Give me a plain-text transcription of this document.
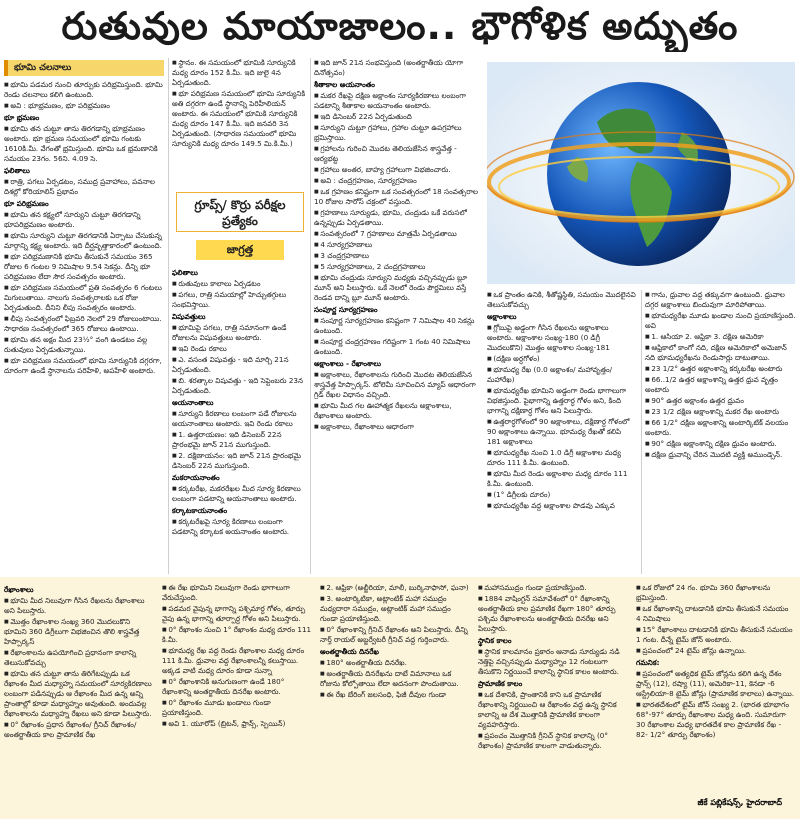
రుతువుల మాయాజాలం.. భౌగోళిక అద్భుతం
భూమి చలనాలు

■ భూమి పడమర నుంచి తూర్పుకు పరిభ్రమిస్తుంది. భూమి రెండు చలనాలు కలిగి ఉంటుంది.

■ అవి : భూభ్రమణం, భూ పరిభ్రమణం

భూ భ్రమణం

■ భూమి తన చుట్టూ తాను తిరగడాన్ని భూభ్రమణం అంటారు. భూ భ్రమణ సమయంలో భూమి గంటకు 1610కి.మీ. వేగంతో భ్రమిస్తుంది. భూమి ఒక భ్రమణానికి సమయం 23గం. 56ని. 4.09 సె.

ఫలితాలు

■ రాత్రి, పగలు ఏర్పడటం, సముద్ర ప్రవాహాలు, పవనాల దిశల్లో కోరియాలిస్ ప్రభావం

భూ పరిభ్రమణం

■ భూమి తన కక్ష్యలో సూర్యుని చుట్టూ తిరగడాన్ని భూపరిభ్రమణం అంటారు.

■ భూమి సూర్యుని చుట్టూ తిరగడానికి ఏర్పాటు చేసుకున్న మార్గాన్ని కక్ష్య అంటారు. ఇది దీర్ఘవృత్తాకారంలో ఉంటుంది.

■ భూ పరిభ్రమణానికి భూమి తీసుకునే సమయం 365 రోజుల 6 గంటల 9 నిమిషాల 9.54 సెకన్లు. దీన్ని భూ పరిభ్రమణం లేదా సౌర సంవత్సరం అంటారు.

■ భూ పరిభ్రమణ సమయంలో ప్రతి సంవత్సరం 6 గంటలు మిగులుతాయి. నాలుగు సంవత్సరాలకు ఒక రోజు ఏర్పడుతుంది. దీనిని లీపు సంవత్సరం అంటారు.

■ లీపు సంవత్సరంలో ఫిబ్రవరి నెలలో 29 రోజులుంటాయి. సాధారణ సంవత్సరంలో 365 రోజులు ఉంటాయి.

■ భూమి తన అక్షం మీద 23½° వంగి ఉండటం వల్ల రుతువులు ఏర్పడుతున్నాయి.

■ భూ పరిభ్రమణ సమయంలో భూమి సూర్యునికి దగ్గరగా, దూరంగా ఉండే స్థానాలను పరిహేళి, అపహేళి అంటారు.

■ స్థానం. ఈ సమయంలో భూమికి సూర్యునికి మధ్య దూరం 152 కి.మీ. ఇది జులై 4న ఏర్పడుతుంది.

■ భూ పరిభ్రమణ సమయంలో భూమి సూర్యునికి అతి దగ్గరగా ఉండే స్థానాన్ని పెరిహీలియన్ అంటారు. ఈ సమయంలో భూమికి సూర్యునికి మధ్య దూరం 147 కి.మీ. ఇది జనవరి 3న ఏర్పడుతుంది. (సాధారణ సమయంలో భూమి సూర్యునికి మధ్య దూరం 149.5 మి.కి.మీ.)

గ్రూప్స్/ కొర్రు పరీక్షల ప్రత్యేకం
జాగ్రత్త

ఫలితాలు

■ రుతువులు కాలాలు ఏర్పడటం

■ పగలు, రాత్రి సమయాల్లో హెచ్చుతగ్గులు సంభవిస్తాయి.

విషువత్తులు

■ భూమిపై పగలు, రాత్రి సమానంగా ఉండే రోజులను విషువత్తులు అంటారు.

■ ఇవి రెండు రకాలు

■ ఎ. వసంత విషువత్తు - ఇది మార్చి 21న ఏర్పడుతుంది.

■ బి. శరత్కాల విషువత్తు - ఇది సెప్టెంబరు 23న ఏర్పడుతుంది.

అయనాంతాలు

■ సూర్యుని కిరణాలు లంబంగా పడే రోజులను అయనాంతాలు అంటారు. ఇవి రెండు రకాలు

■ 1. ఉత్తరాయణం: ఇది డిసెంబర్ 22న ప్రారంభమై జూన్ 21న ముగుస్తుంది.

■ 2. దక్షిణాయనం: ఇది జూన్ 21న ప్రారంభమై డిసెంబర్ 22న ముగుస్తుంది.

మకరాయనాంతం

■ కర్కటరేఖ, మకరరేఖల మీద సూర్య కిరణాలు లంబంగా పడటాన్ని అయనాంతాలు అంటారు.

కర్కాటకాయనాంతం

■ కర్కటరేఖపై సూర్య కిరణాలు లంబంగా పడటాన్ని కర్కాటక అయనాంతం అంటారు.

■ ఇది జూన్ 21న సంభవిస్తుంది (అంతర్జాతీయ యోగా దినోత్సవం)

శీతాకాల అయనాంతం

■ మకర రేఖపై దక్షిణ అక్షాంశం సూర్యకిరణాలు లంబంగా పడటాన్ని శీతాకాల అయనాంతం అంటారు.

■ ఇది డిసెంబర్ 22న ఏర్పడుతుంది

■ సూర్యుని చుట్టూ గ్రహాలు, గ్రహాల చుట్టూ ఉపగ్రహాలు భ్రమిస్తాయి.

■ గ్రహాలను గురించి మొదట తెలియజేసిన శాస్త్రవేత్త - ఆర్యభట్ట

■ గ్రహాలు అంతర, బాహ్య గ్రహాలుగా విభజించారు.

■ అవి : చంద్రగ్రహణం, సూర్యగ్రహణం

■ ఒక గ్రహణం కనిష్టంగా ఒక సంవత్సరంలో 18 సంవత్సరాల 10 రోజుల సారోస్ చక్రంలో వస్తుంది.

■ గ్రహణాలు సూర్యుడు, భూమి, చంద్రుడు ఒకే వరుసలో ఉన్నప్పుడు ఏర్పడతాయి.

■ సంవత్సరంలో 7 గ్రహణాలు మాత్రమే ఏర్పడతాయి

■ 4 సూర్యగ్రహణాలు

■ 3 చంద్రగ్రహణాలు

■ 5 సూర్యగ్రహణాలు, 2 చంద్రగ్రహణాలు

■ భూమి చంద్రుడు సూర్యుని మధ్యకు వచ్చినప్పుడు బ్లూ మూన్ అని పిలుస్తారు. ఒకే నెలలో రెండు పౌర్ణమిలు వస్తే రెండవ దాన్ని బ్లూ మూన్ అంటారు.

సంపూర్ణ సూర్యగ్రహణం

■ సంపూర్ణ సూర్యగ్రహణం కనిష్టంగా 7 నిమిషాల 40 సెకన్లు ఉంటుంది.

■ సంపూర్ణ చంద్రగ్రహణం గరిష్టంగా 1 గంట 40 నిమిషాలు ఉంటుంది.

అక్షాంశాలు - రేఖాంశాలు

■ అక్షాంశాలు, రేఖాంశాలను గురించి మొదట తెలియజేసిన శాస్త్రవేత్త హిప్పార్కస్. టోలెమీ సూచించిన మ్యాప్ ఆధారంగా గ్రిడ్ రేఖల విధానం వచ్చింది.

■ భూమి మీద గల ఊహాత్మక రేఖలను అక్షాంశాలు, రేఖాంశాలు అంటారు.

■ అక్షాంశాలు, రేఖాంశాలు ఆధారంగా

■ ఒక ప్రాంతం ఉనికి, శీతోష్ణస్థితి, సమయం మొదలైనవి తెలుసుకోవచ్చు

అక్షాంశాలు

■ గ్లోబుపై అడ్డంగా గీసిన రేఖలను అక్షాంశాలు అంటారు. అక్షాంశాల సంఖ్య-180 (0 డిగ్రీ మొదలుకొని) మొత్తం అక్షాంశాల సంఖ్య-181

■ (దక్షిణ అర్ధగోళం)

■ భూమధ్య రేఖ (0.0 అక్షాంశం/ మహావృత్తం/ మహారేఖ)

■ భూమధ్యరేఖ భూమిని అడ్డంగా రెండు భాగాలుగా విభజిస్తుంది. పైభాగాన్ని ఉత్తరార్ధ గోళం అని, కింది భాగాన్ని దక్షిణార్ధ గోళం అని పిలుస్తారు.

■ ఉత్తరార్ధగోళంలో 90 అక్షాంశాలు, దక్షిణార్ధ గోళంలో 90 అక్షాంశాలు ఉన్నాయి. భూమధ్య రేఖతో కలిపి 181 అక్షాంశాలు

■ భూమధ్యరేఖ నుంచి 1.0 డిగ్రీ అక్షాంశాల మధ్య దూరం 111 కి.మీ. ఉంటుంది.

■ భూమి మీద రెండు అక్షాంశాల మధ్య దూరం 111 కి.మీ. ఉంటుంది.

■ (1° డిగ్రీలకు దూరం)

■ భూమధ్యరేఖ వద్ద అక్షాంశాల పొడవు ఎక్కువ

■ గాను, ధ్రువాల వద్ద తక్కువగా ఉంటుంది. ధ్రువాల దగ్గర అక్షాంశాలు బిందువుగా మారిపోతాయి.

■ భూమధ్యరేఖ మూడు ఖండాల నుంచి ప్రయాణిస్తుంది. అవి

■ 1. ఆసియా 2. ఆఫ్రికా 3. దక్షిణ అమెరికా

■ ఆఫ్రికాలో కాంగో నది, దక్షిణ అమెరికాలో అమెజాన్ నది భూమధ్యరేఖను రెండుసార్లు దాటుతాయి.

■ 23 1/2° ఉత్తర అక్షాంశాన్ని కర్కటరేఖ అంటారు

■ 66..1/2 ఉత్తర అక్షాంశాన్ని ఉత్తర ధ్రువ వృత్తం అంటారు

■ 90° ఉత్తర అక్షాంశం ఉత్తర ధ్రువం

■ 23 1/2 దక్షిణ అక్షాంశాన్ని మకర రేఖ అంటారు

■ 66 1/2° దక్షిణ అక్షాంశాన్ని అంటార్కిటిక్ వలయం అంటారు.

■ 90° దక్షిణ అక్షాంశాన్ని దక్షిణ ధ్రువం అంటారు.

■ దక్షిణ ధ్రువాన్ని చేరిన మొదటి వ్యక్తి అముండ్సెన్.

రేఖాంశాలు

■ భూమి మీద నిలువుగా గీసిన రేఖలను రేఖాంశాలు అని పిలుస్తారు.

■ మొత్తం రేఖాంశాల సంఖ్య 360 మొదలుకొని భూమిని 360 డిగ్రీలుగా విభజించిన తొలి శాస్త్రవేత్త హిప్పార్కస్

■ రేఖాంశాలను ఉపయోగించి ప్రధానంగా కాలాన్ని తెలుసుకోవచ్చు

■ భూమి తన చుట్టూ తాను తిరిగేటప్పుడు ఒక రేఖాంశం మీద మధ్యాహ్న సమయంలో సూర్యకిరణాలు లంబంగా పడినప్పుడు ఆ రేఖాంశం మీద ఉన్న అన్ని ప్రాంతాల్లో కూడా మధ్యాహ్నం అవుతుంది. అందువల్ల రేఖాంశాలను మధ్యాహ్న రేఖలు అని కూడా పిలుస్తారు.

■ 0° రేఖాంశం ప్రధాన రేఖాంశం/ గ్రీనిచ్ రేఖాంశం/ అంతర్జాతీయ కాల ప్రామాణిక రేఖ

■ ఈ రేఖ భూమిని నిలువుగా రెండు భాగాలుగా వేరుచేస్తుంది.

■ పడమర వైపున్న భాగాన్ని పశ్చిమార్ధ గోళం, తూర్పు వైపు ఉన్న భాగాన్ని తూర్పార్ధ గోళం అని పిలుస్తారు.

■ 0° రేఖాంశం నుంచి 1° రేఖాంశం మధ్య దూరం 111 కి.మీ.

■ భూమధ్య రేఖ వద్ద రెండు రేఖాంశాల మధ్య దూరం 111 కి.మీ. ధ్రువాల వద్ద రేఖాంశాలన్నీ కలుస్తాయి. అక్కడ వాటి మధ్య దూరం కూడా సున్నా

■ 0° రేఖాంశానికి అనుగుణంగా ఉండే 180° రేఖాంశాన్ని అంతర్జాతీయ దినరేఖ అంటారు.

■ 0° రేఖాంశం మూడు ఖండాలు గుండా ప్రయాణిస్తుంది.

■ అవి 1. యూరోప్ (బ్రిటన్, ఫ్రాన్స్, స్పెయిన్)

■ 2. ఆఫ్రికా (అల్జీరియా, మాలీ, బుర్కినాఫాసో, ఘనా)

■ 3. అంటార్కిటికా, అట్లాంటిక్ మహా సముద్రం మధ్యదారా సముద్రం, అట్లాంటిక్ మహా సముద్రం గుండా ప్రయాణిస్తుంది.

■ 0° రేఖాంశాన్ని గ్రీనిచ్ రేఖాంశం అని పిలుస్తారు. దీన్ని నార్త్ రాయల్ అబ్జర్వేటరీ గ్రీనిచ్ వద్ద గుర్తించారు.

అంతర్జాతీయ దినరేఖ

■ 180° అంతర్జాతీయ దినరేఖ.

■ అంతర్జాతీయ దినరేఖను దాటే విమానాలు ఒక రోజును కోల్పోతాయి లేదా అదనంగా పొందుతాయి.

■ ఈ రేఖ బేరింగ్ జలసంధి, ఫిజీ దీవుల గుండా

■ మహాసముద్రం గుండా ప్రయాణిస్తుంది.

■ 1884 వాషింగ్టన్ సమావేశంలో 0° రేఖాంశాన్ని అంతర్జాతీయ కాల ప్రమాణిక రేఖగా 180° తూర్పు పశ్చిమ రేఖాంశాలను అంతర్జాతీయ దినరేఖ అని పిలుస్తారు.

స్థానిక కాలం

■ స్థానిక కాలమానం ప్రకారం ఆనాడు సూర్యుడు నడి నెత్తిపై వచ్చినప్పుడు మధ్యాహ్నం 12 గంటలుగా తీసుకొని నిర్ణయించే కాలాన్ని స్థానిక కాలం అంటారు.

ప్రామాణిక కాలం

■ ఒక దేశానికి, ప్రాంతానికి కాని ఒక ప్రామాణిక రేఖాంశాన్ని నిర్ణయించి ఆ రేఖాంశం వద్ద ఉన్న స్థానిక కాలాన్ని ఆ దేశ మొత్తానికి ప్రామాణిక కాలంగా వ్యవహరిస్తారు.

■ ప్రపంచం మొత్తానికి గ్రీనిచ్ స్థానిక కాలాన్ని (0° రేఖాంశం) ప్రామాణిక కాలంగా వాడుతున్నారు.

■ ఒక రోజులో 24 గం. భూమి 360 రేఖాంశాలను భ్రమిస్తుంది.

■ ఒక రేఖాంశాన్ని దాటడానికి భూమి తీసుకునే సమయం 4 నిమిషాలు

■ 15° రేఖాంశాలు దాటడానికి భూమి తీసుకునే సమయం 1 గంట. దీన్నే టైమ్ జోన్ అంటారు.

■ ప్రపంచంలో 24 టైమ్ జోన్లు ఉన్నాయి.

గమనిక:

■ ప్రపంచంలో అత్యధిక టైమ్ జోన్లను కలిగి ఉన్న దేశం ఫ్రాన్స్ (12), రష్యా (11), అమెరికా-11, కెనడా -6 ఆస్ట్రేలియా-8 టైమ్ జోన్లు (ప్రామాణిక కాలాలు) ఉన్నాయి.

■ భారతదేశంలో టైమ్ జోన్ సంఖ్య 2. (భారత భూభాగం 68°-97° తూర్పు రేఖాంశాల మధ్య ఉంది. సుమారుగా 30 రేఖాంశాల మధ్య భారతదేశ కాల ప్రామాణిక రేఖ - 82- 1/2° తూర్పు రేఖాంశం)

జీకే పబ్లికేషన్స్, హైదరాబాద్
